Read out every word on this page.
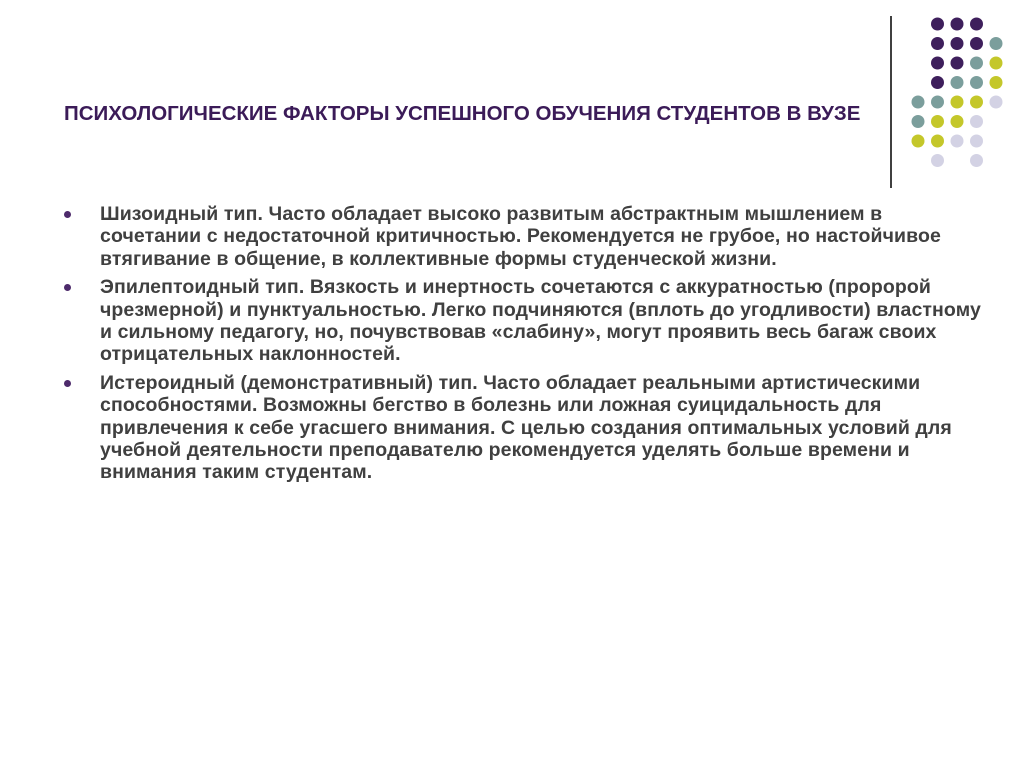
ПСИХОЛОГИЧЕСКИЕ ФАКТОРЫ УСПЕШНОГО ОБУЧЕНИЯ СТУДЕНТОВ В ВУЗЕ
Шизоидный тип. Часто обладает высоко развитым абстрактным мышлением в сочетании с недостаточной критичностью. Рекомендуется не грубое, но настойчивое втягивание в общение, в коллективные формы студенческой жизни.
Эпилептоидный тип. Вязкость и инертность сочетаются с аккуратностью (проророй чрезмерной) и пунктуальностью. Легко подчиняются (вплоть до угодливости) властному и сильному педагогу, но, почувствовав «слабину», могут проявить весь багаж своих отрицательных наклонностей.
Истероидный (демонстративный) тип. Часто обладает реальными артистическими способностями. Возможны бегство в болезнь или ложная суицидальность для привлечения к себе угасшего внимания. С целью создания оптимальных условий для учебной деятельности преподавателю рекомендуется уделять больше времени и внимания таким студентам.
